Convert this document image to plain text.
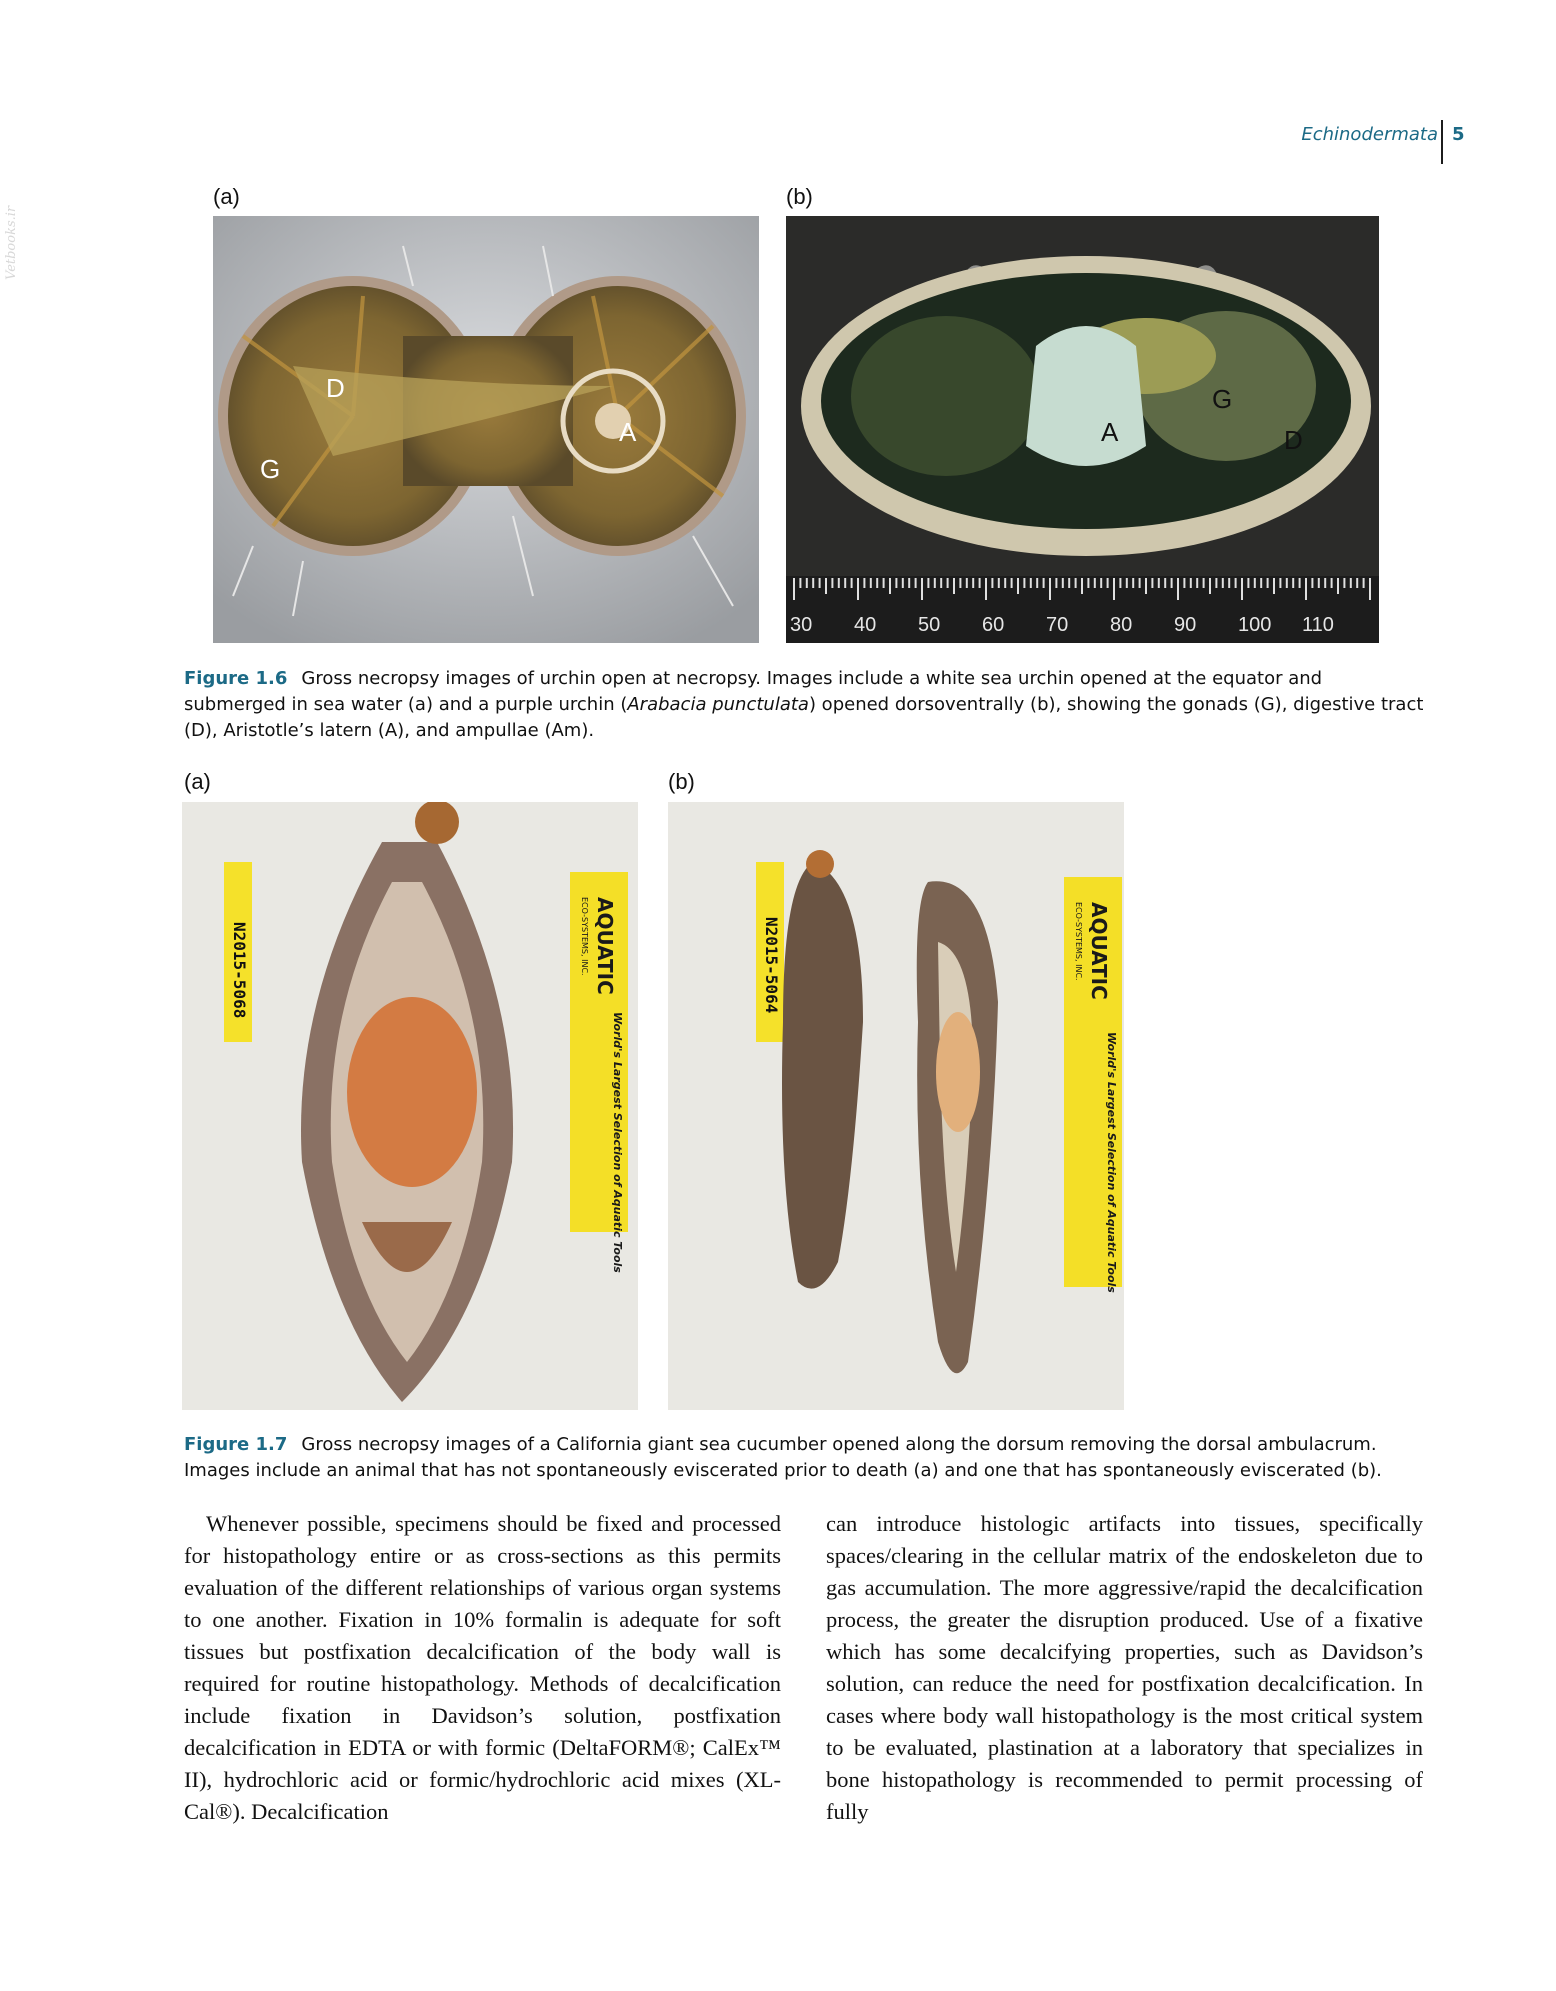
Echinodermata 5
Vetbooks.ir
(a)	(b)
D
G
A	A
G
D
30 40 50 60 70 80 90 100 110
Figure 1.6 Gross necropsy images of urchin open at necropsy. Images include a white sea urchin opened at the equator and submerged in sea water (a) and a purple urchin (Arabacia punctulata) opened dorsoventrally (b), showing the gonads (G), digestive tract (D), Aristotle’s latern (A), and ampullae (Am).
(a)	(b)
N2015-5068	AQUATIC
ECO-SYSTEMS, INC.
World's Largest Selection of Aquatic Tools
N2015-5064	AQUATIC
ECO-SYSTEMS, INC.
World's Largest Selection of Aquatic Tools
Figure 1.7 Gross necropsy images of a California giant sea cucumber opened along the dorsum removing the dorsal ambulacrum. Images include an animal that has not spontaneously eviscerated prior to death (a) and one that has spontaneously eviscerated (b).
Whenever possible, specimens should be fixed and processed for histopathology entire or as cross-sections as this permits evaluation of the different relationships of various organ systems to one another. Fixation in 10% formalin is adequate for soft tissues but postfixation decalcification of the body wall is required for routine histopathology. Methods of decalcification include fixation in Davidson’s solution, postfixation decalcification in EDTA or with formic (DeltaFORM®; CalEx™ II), hydrochloric acid or formic/hydrochloric acid mixes (XL-Cal®). Decalcification
can introduce histologic artifacts into tissues, specifically spaces/clearing in the cellular matrix of the endoskeleton due to gas accumulation. The more aggressive/rapid the decalcification process, the greater the disruption produced. Use of a fixative which has some decalcifying properties, such as Davidson’s solution, can reduce the need for postfixation decalcification. In cases where body wall histopathology is the most critical system to be evaluated, plastination at a laboratory that specializes in bone histopathology is recommended to permit processing of fully
